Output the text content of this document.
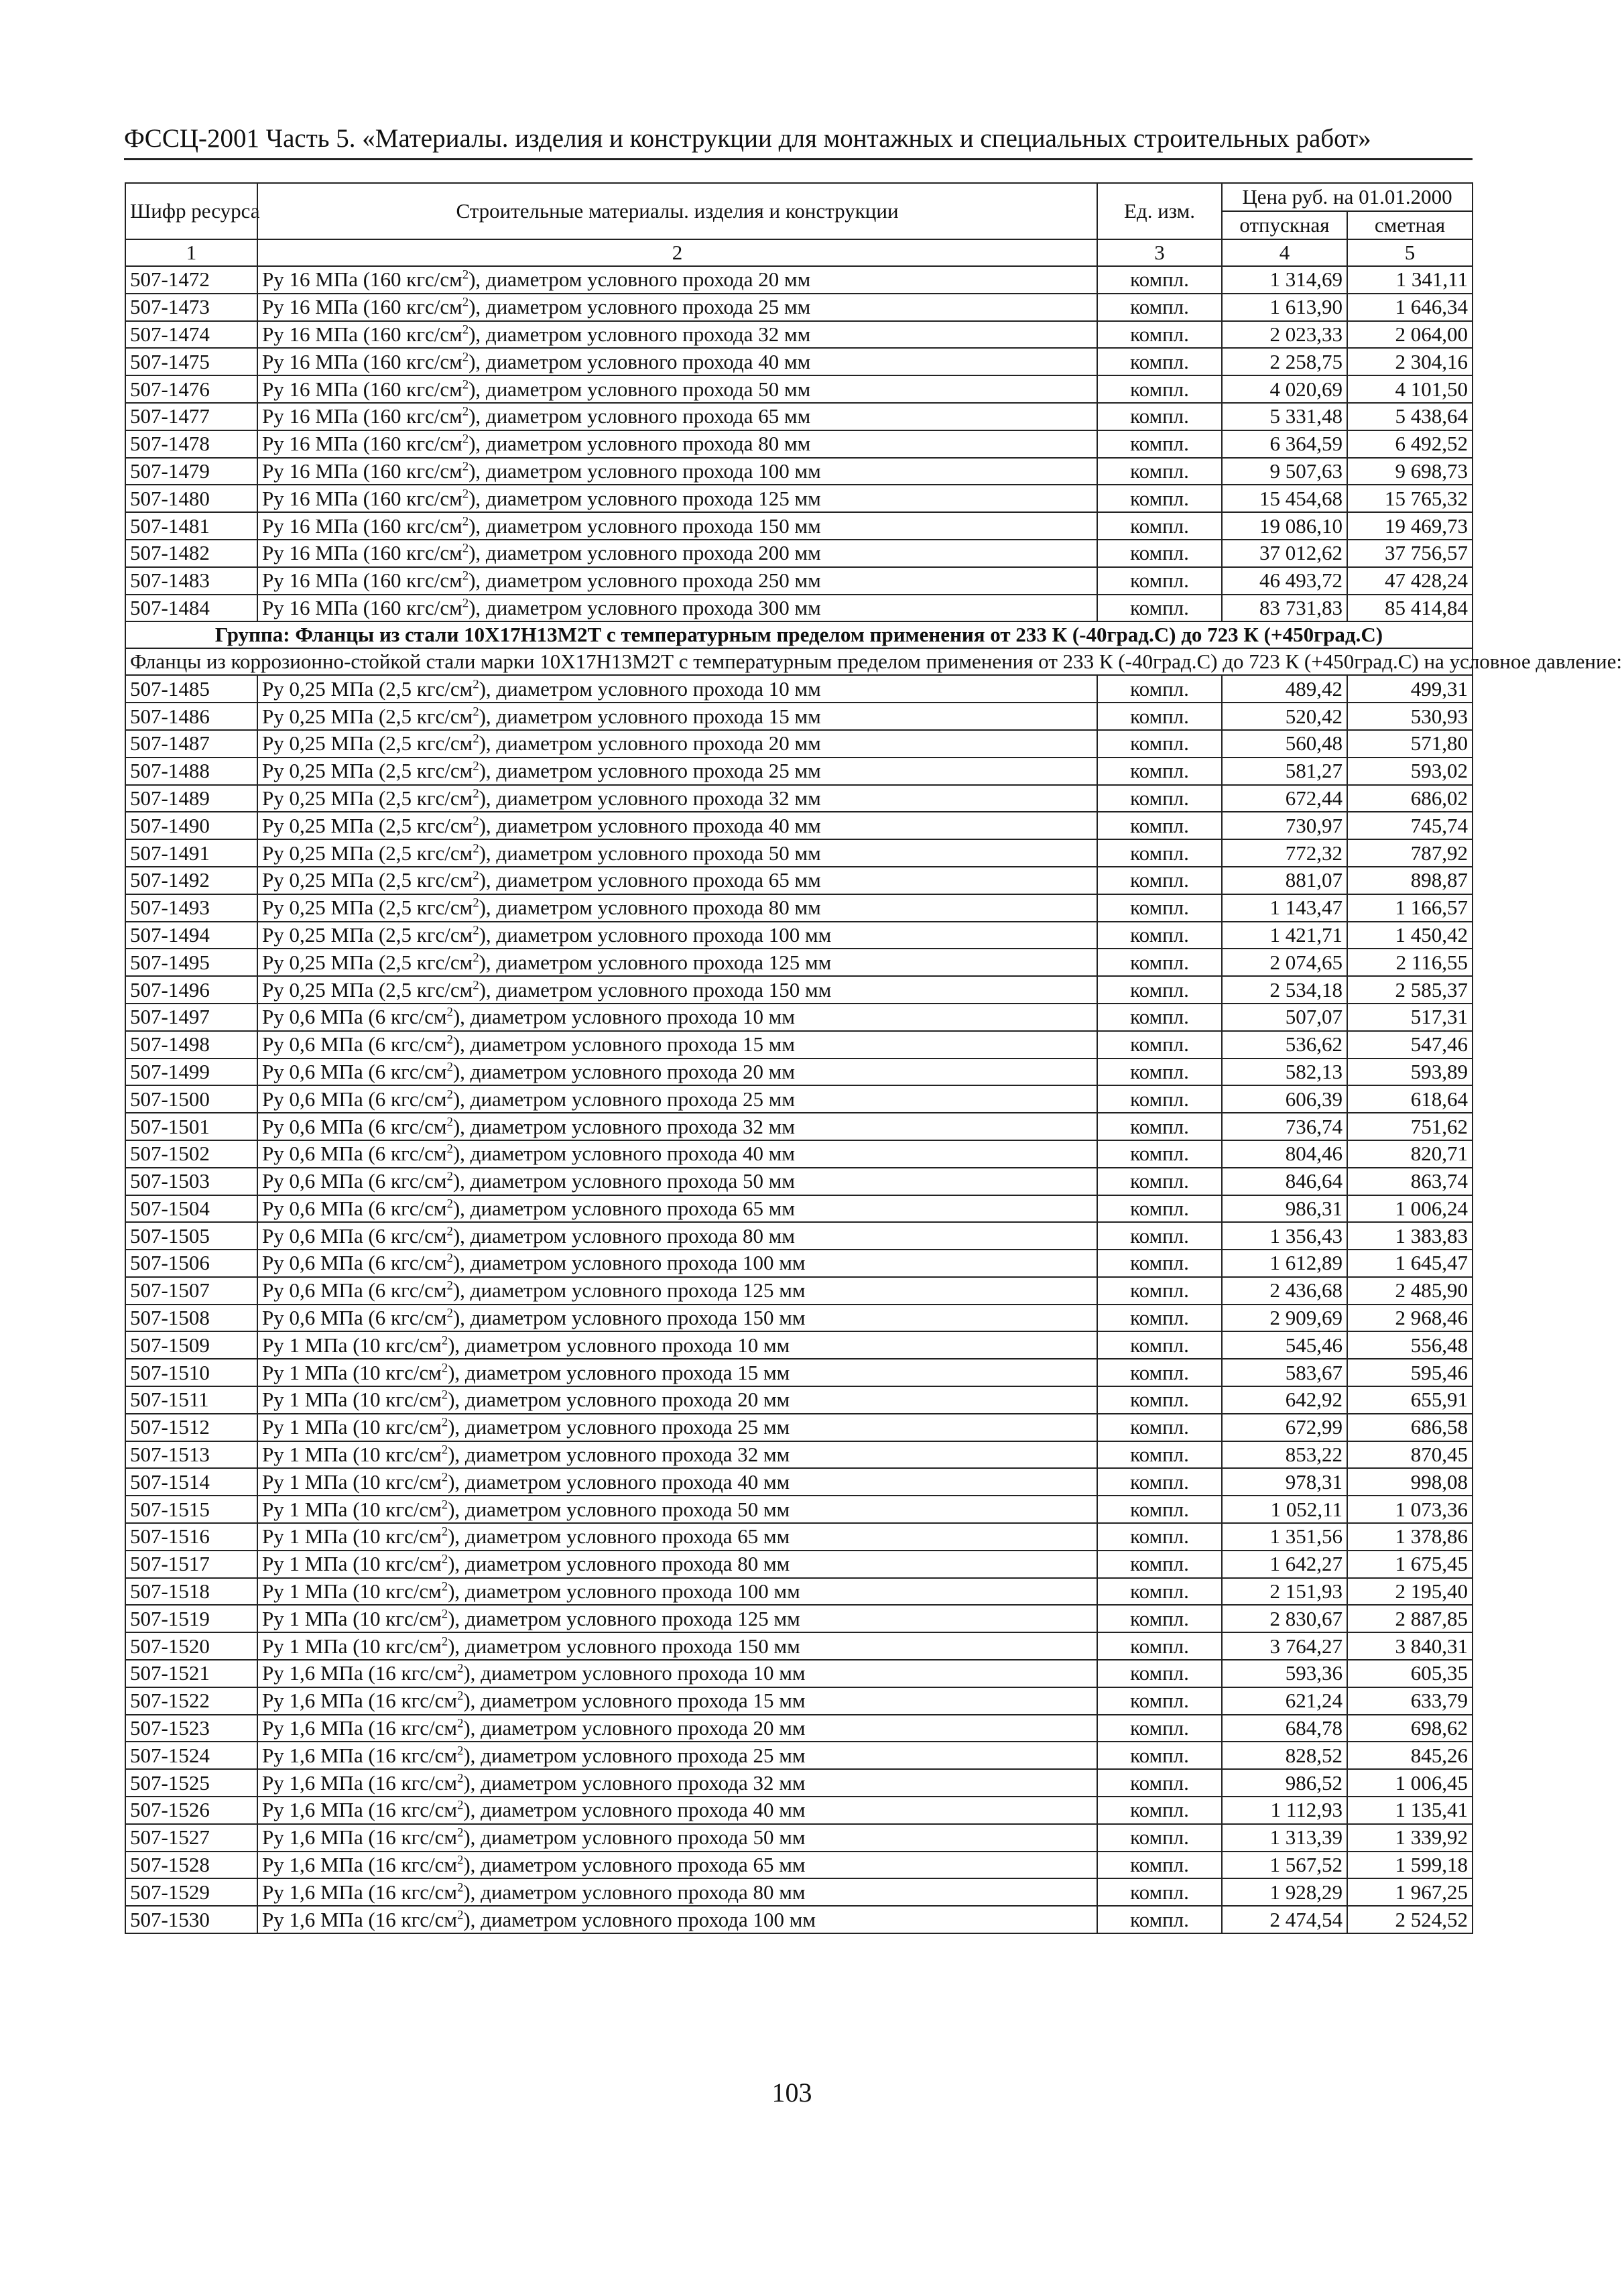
ФССЦ-2001 Часть 5. «Материалы. изделия и конструкции для монтажных и специальных строительных работ»
Шифр ресурса	Строительные материалы. изделия и конструкции	Ед. изм.	Цена руб. на 01.01.2000	
			отпускная	сметная
1	2	3	4	5
507-1472	Ру 16 МПа (160 кгс/$см^2$), диаметром условного прохода 20 мм	компл.	1 314,69	1 341,11
507-1473	Ру 16 МПа (160 кгс/$см^2$), диаметром условного прохода 25 мм	компл.	1 613,90	1 646,34
507-1474	Ру 16 МПа (160 кгс/$см^2$), диаметром условного прохода 32 мм	компл.	2 023,33	2 064,00
507-1475	Ру 16 МПа (160 кгс/$см^2$), диаметром условного прохода 40 мм	компл.	2 258,75	2 304,16
507-1476	Ру 16 МПа (160 кгс/$см^2$), диаметром условного прохода 50 мм	компл.	4 020,69	4 101,50
507-1477	Ру 16 МПа (160 кгс/$см^2$), диаметром условного прохода 65 мм	компл.	5 331,48	5 438,64
507-1478	Ру 16 МПа (160 кгс/$см^2$), диаметром условного прохода 80 мм	компл.	6 364,59	6 492,52
507-1479	Ру 16 МПа (160 кгс/$см^2$), диаметром условного прохода 100 мм	компл.	9 507,63	9 698,73
507-1480	Ру 16 МПа (160 кгс/$см^2$), диаметром условного прохода 125 мм	компл.	15 454,68	15 765,32
507-1481	Ру 16 МПа (160 кгс/$см^2$), диаметром условного прохода 150 мм	компл.	19 086,10	19 469,73
507-1482	Ру 16 МПа (160 кгс/$см^2$), диаметром условного прохода 200 мм	компл.	37 012,62	37 756,57
507-1483	Ру 16 МПа (160 кгс/$см^2$), диаметром условного прохода 250 мм	компл.	46 493,72	47 428,24
507-1484	Ру 16 МПа (160 кгс/$см^2$), диаметром условного прохода 300 мм	компл.	83 731,83	85 414,84
Группа: Фланцы из стали 10Х17Н13М2Т с температурным пределом применения от 233 К (-40град.С) до 723 К (+450град.С)				
Фланцы из коррозионно-стойкой стали марки 10Х17Н13М2Т с температурным пределом применения от 233 К (-40град.С) до 723 К (+450град.С) на условное давление:				
507-1485	Ру 0,25 МПа (2,5 кгс/$см^2$), диаметром условного прохода 10 мм	компл.	489,42	499,31
507-1486	Ру 0,25 МПа (2,5 кгс/$см^2$), диаметром условного прохода 15 мм	компл.	520,42	530,93
507-1487	Ру 0,25 МПа (2,5 кгс/$см^2$), диаметром условного прохода 20 мм	компл.	560,48	571,80
507-1488	Ру 0,25 МПа (2,5 кгс/$см^2$), диаметром условного прохода 25 мм	компл.	581,27	593,02
507-1489	Ру 0,25 МПа (2,5 кгс/$см^2$), диаметром условного прохода 32 мм	компл.	672,44	686,02
507-1490	Ру 0,25 МПа (2,5 кгс/$см^2$), диаметром условного прохода 40 мм	компл.	730,97	745,74
507-1491	Ру 0,25 МПа (2,5 кгс/$см^2$), диаметром условного прохода 50 мм	компл.	772,32	787,92
507-1492	Ру 0,25 МПа (2,5 кгс/$см^2$), диаметром условного прохода 65 мм	компл.	881,07	898,87
507-1493	Ру 0,25 МПа (2,5 кгс/$см^2$), диаметром условного прохода 80 мм	компл.	1 143,47	1 166,57
507-1494	Ру 0,25 МПа (2,5 кгс/$см^2$), диаметром условного прохода 100 мм	компл.	1 421,71	1 450,42
507-1495	Ру 0,25 МПа (2,5 кгс/$см^2$), диаметром условного прохода 125 мм	компл.	2 074,65	2 116,55
507-1496	Ру 0,25 МПа (2,5 кгс/$см^2$), диаметром условного прохода 150 мм	компл.	2 534,18	2 585,37
507-1497	Ру 0,6 МПа (6 кгс/$см^2$), диаметром условного прохода 10 мм	компл.	507,07	517,31
507-1498	Ру 0,6 МПа (6 кгс/$см^2$), диаметром условного прохода 15 мм	компл.	536,62	547,46
507-1499	Ру 0,6 МПа (6 кгс/$см^2$), диаметром условного прохода 20 мм	компл.	582,13	593,89
507-1500	Ру 0,6 МПа (6 кгс/$см^2$), диаметром условного прохода 25 мм	компл.	606,39	618,64
507-1501	Ру 0,6 МПа (6 кгс/$см^2$), диаметром условного прохода 32 мм	компл.	736,74	751,62
507-1502	Ру 0,6 МПа (6 кгс/$см^2$), диаметром условного прохода 40 мм	компл.	804,46	820,71
507-1503	Ру 0,6 МПа (6 кгс/$см^2$), диаметром условного прохода 50 мм	компл.	846,64	863,74
507-1504	Ру 0,6 МПа (6 кгс/$см^2$), диаметром условного прохода 65 мм	компл.	986,31	1 006,24
507-1505	Ру 0,6 МПа (6 кгс/$см^2$), диаметром условного прохода 80 мм	компл.	1 356,43	1 383,83
507-1506	Ру 0,6 МПа (6 кгс/$см^2$), диаметром условного прохода 100 мм	компл.	1 612,89	1 645,47
507-1507	Ру 0,6 МПа (6 кгс/$см^2$), диаметром условного прохода 125 мм	компл.	2 436,68	2 485,90
507-1508	Ру 0,6 МПа (6 кгс/$см^2$), диаметром условного прохода 150 мм	компл.	2 909,69	2 968,46
507-1509	Ру 1 МПа (10 кгс/$см^2$), диаметром условного прохода 10 мм	компл.	545,46	556,48
507-1510	Ру 1 МПа (10 кгс/$см^2$), диаметром условного прохода 15 мм	компл.	583,67	595,46
507-1511	Ру 1 МПа (10 кгс/$см^2$), диаметром условного прохода 20 мм	компл.	642,92	655,91
507-1512	Ру 1 МПа (10 кгс/$см^2$), диаметром условного прохода 25 мм	компл.	672,99	686,58
507-1513	Ру 1 МПа (10 кгс/$см^2$), диаметром условного прохода 32 мм	компл.	853,22	870,45
507-1514	Ру 1 МПа (10 кгс/$см^2$), диаметром условного прохода 40 мм	компл.	978,31	998,08
507-1515	Ру 1 МПа (10 кгс/$см^2$), диаметром условного прохода 50 мм	компл.	1 052,11	1 073,36
507-1516	Ру 1 МПа (10 кгс/$см^2$), диаметром условного прохода 65 мм	компл.	1 351,56	1 378,86
507-1517	Ру 1 МПа (10 кгс/$см^2$), диаметром условного прохода 80 мм	компл.	1 642,27	1 675,45
507-1518	Ру 1 МПа (10 кгс/$см^2$), диаметром условного прохода 100 мм	компл.	2 151,93	2 195,40
507-1519	Ру 1 МПа (10 кгс/$см^2$), диаметром условного прохода 125 мм	компл.	2 830,67	2 887,85
507-1520	Ру 1 МПа (10 кгс/$см^2$), диаметром условного прохода 150 мм	компл.	3 764,27	3 840,31
507-1521	Ру 1,6 МПа (16 кгс/$см^2$), диаметром условного прохода 10 мм	компл.	593,36	605,35
507-1522	Ру 1,6 МПа (16 кгс/$см^2$), диаметром условного прохода 15 мм	компл.	621,24	633,79
507-1523	Ру 1,6 МПа (16 кгс/$см^2$), диаметром условного прохода 20 мм	компл.	684,78	698,62
507-1524	Ру 1,6 МПа (16 кгс/$см^2$), диаметром условного прохода 25 мм	компл.	828,52	845,26
507-1525	Ру 1,6 МПа (16 кгс/$см^2$), диаметром условного прохода 32 мм	компл.	986,52	1 006,45
507-1526	Ру 1,6 МПа (16 кгс/$см^2$), диаметром условного прохода 40 мм	компл.	1 112,93	1 135,41
507-1527	Ру 1,6 МПа (16 кгс/$см^2$), диаметром условного прохода 50 мм	компл.	1 313,39	1 339,92
507-1528	Ру 1,6 МПа (16 кгс/$см^2$), диаметром условного прохода 65 мм	компл.	1 567,52	1 599,18
507-1529	Ру 1,6 МПа (16 кгс/$см^2$), диаметром условного прохода 80 мм	компл.	1 928,29	1 967,25
507-1530	Ру 1,6 МПа (16 кгс/$см^2$), диаметром условного прохода 100 мм	компл.	2 474,54	2 524,52
103
